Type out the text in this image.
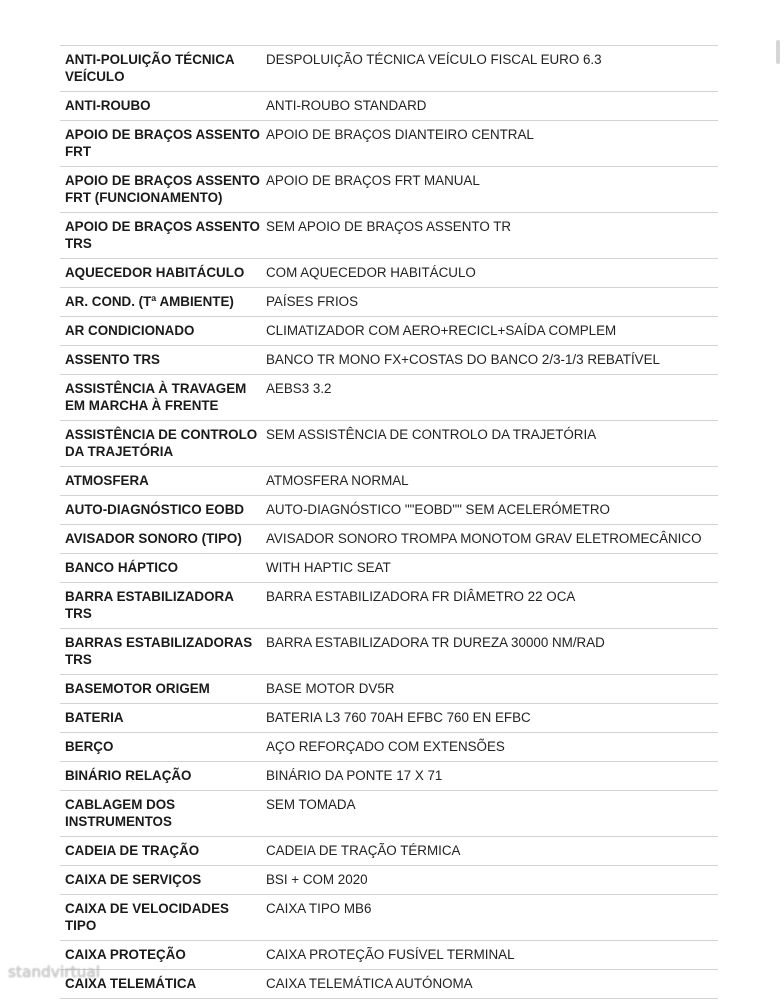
ANTI-POLUIÇÃO TÉCNICA VEÍCULO	DESPOLUIÇÃO TÉCNICA VEÍCULO FISCAL EURO 6.3
ANTI-ROUBO	ANTI-ROUBO STANDARD
APOIO DE BRAÇOS ASSENTO FRT	APOIO DE BRAÇOS DIANTEIRO CENTRAL
APOIO DE BRAÇOS ASSENTO FRT (FUNCIONAMENTO)	APOIO DE BRAÇOS FRT MANUAL
APOIO DE BRAÇOS ASSENTO TRS	SEM APOIO DE BRAÇOS ASSENTO TR
AQUECEDOR HABITÁCULO	COM AQUECEDOR HABITÁCULO
AR. COND. (Tª AMBIENTE)	PAÍSES FRIOS
AR CONDICIONADO	CLIMATIZADOR COM AERO+RECICL+SAÍDA COMPLEM
ASSENTO TRS	BANCO TR MONO FX+COSTAS DO BANCO 2/3-1/3 REBATÍVEL
ASSISTÊNCIA À TRAVAGEM EM MARCHA À FRENTE	AEBS3 3.2
ASSISTÊNCIA DE CONTROLO DA TRAJETÓRIA	SEM ASSISTÊNCIA DE CONTROLO DA TRAJETÓRIA
ATMOSFERA	ATMOSFERA NORMAL
AUTO-DIAGNÓSTICO EOBD	AUTO-DIAGNÓSTICO ""EOBD"" SEM ACELERÓMETRO
AVISADOR SONORO (TIPO)	AVISADOR SONORO TROMPA MONOTOM GRAV ELETROMECÂNICO
BANCO HÁPTICO	WITH HAPTIC SEAT
BARRA ESTABILIZADORA TRS	BARRA ESTABILIZADORA FR DIÂMETRO 22 OCA
BARRAS ESTABILIZADORAS TRS	BARRA ESTABILIZADORA TR DUREZA 30000 NM/RAD
BASEMOTOR ORIGEM	BASE MOTOR DV5R
BATERIA	BATERIA L3 760 70AH EFBC 760 EN EFBC
BERÇO	AÇO REFORÇADO COM EXTENSÕES
BINÁRIO RELAÇÃO	BINÁRIO DA PONTE 17 X 71
CABLAGEM DOS INSTRUMENTOS	SEM TOMADA
CADEIA DE TRAÇÃO	CADEIA DE TRAÇÃO TÉRMICA
CAIXA DE SERVIÇOS	BSI + COM 2020
CAIXA DE VELOCIDADES TIPO	CAIXA TIPO MB6
CAIXA PROTEÇÃO	CAIXA PROTEÇÃO FUSÍVEL TERMINAL
CAIXA TELEMÁTICA	CAIXA TELEMÁTICA AUTÓNOMA
standvirtual
